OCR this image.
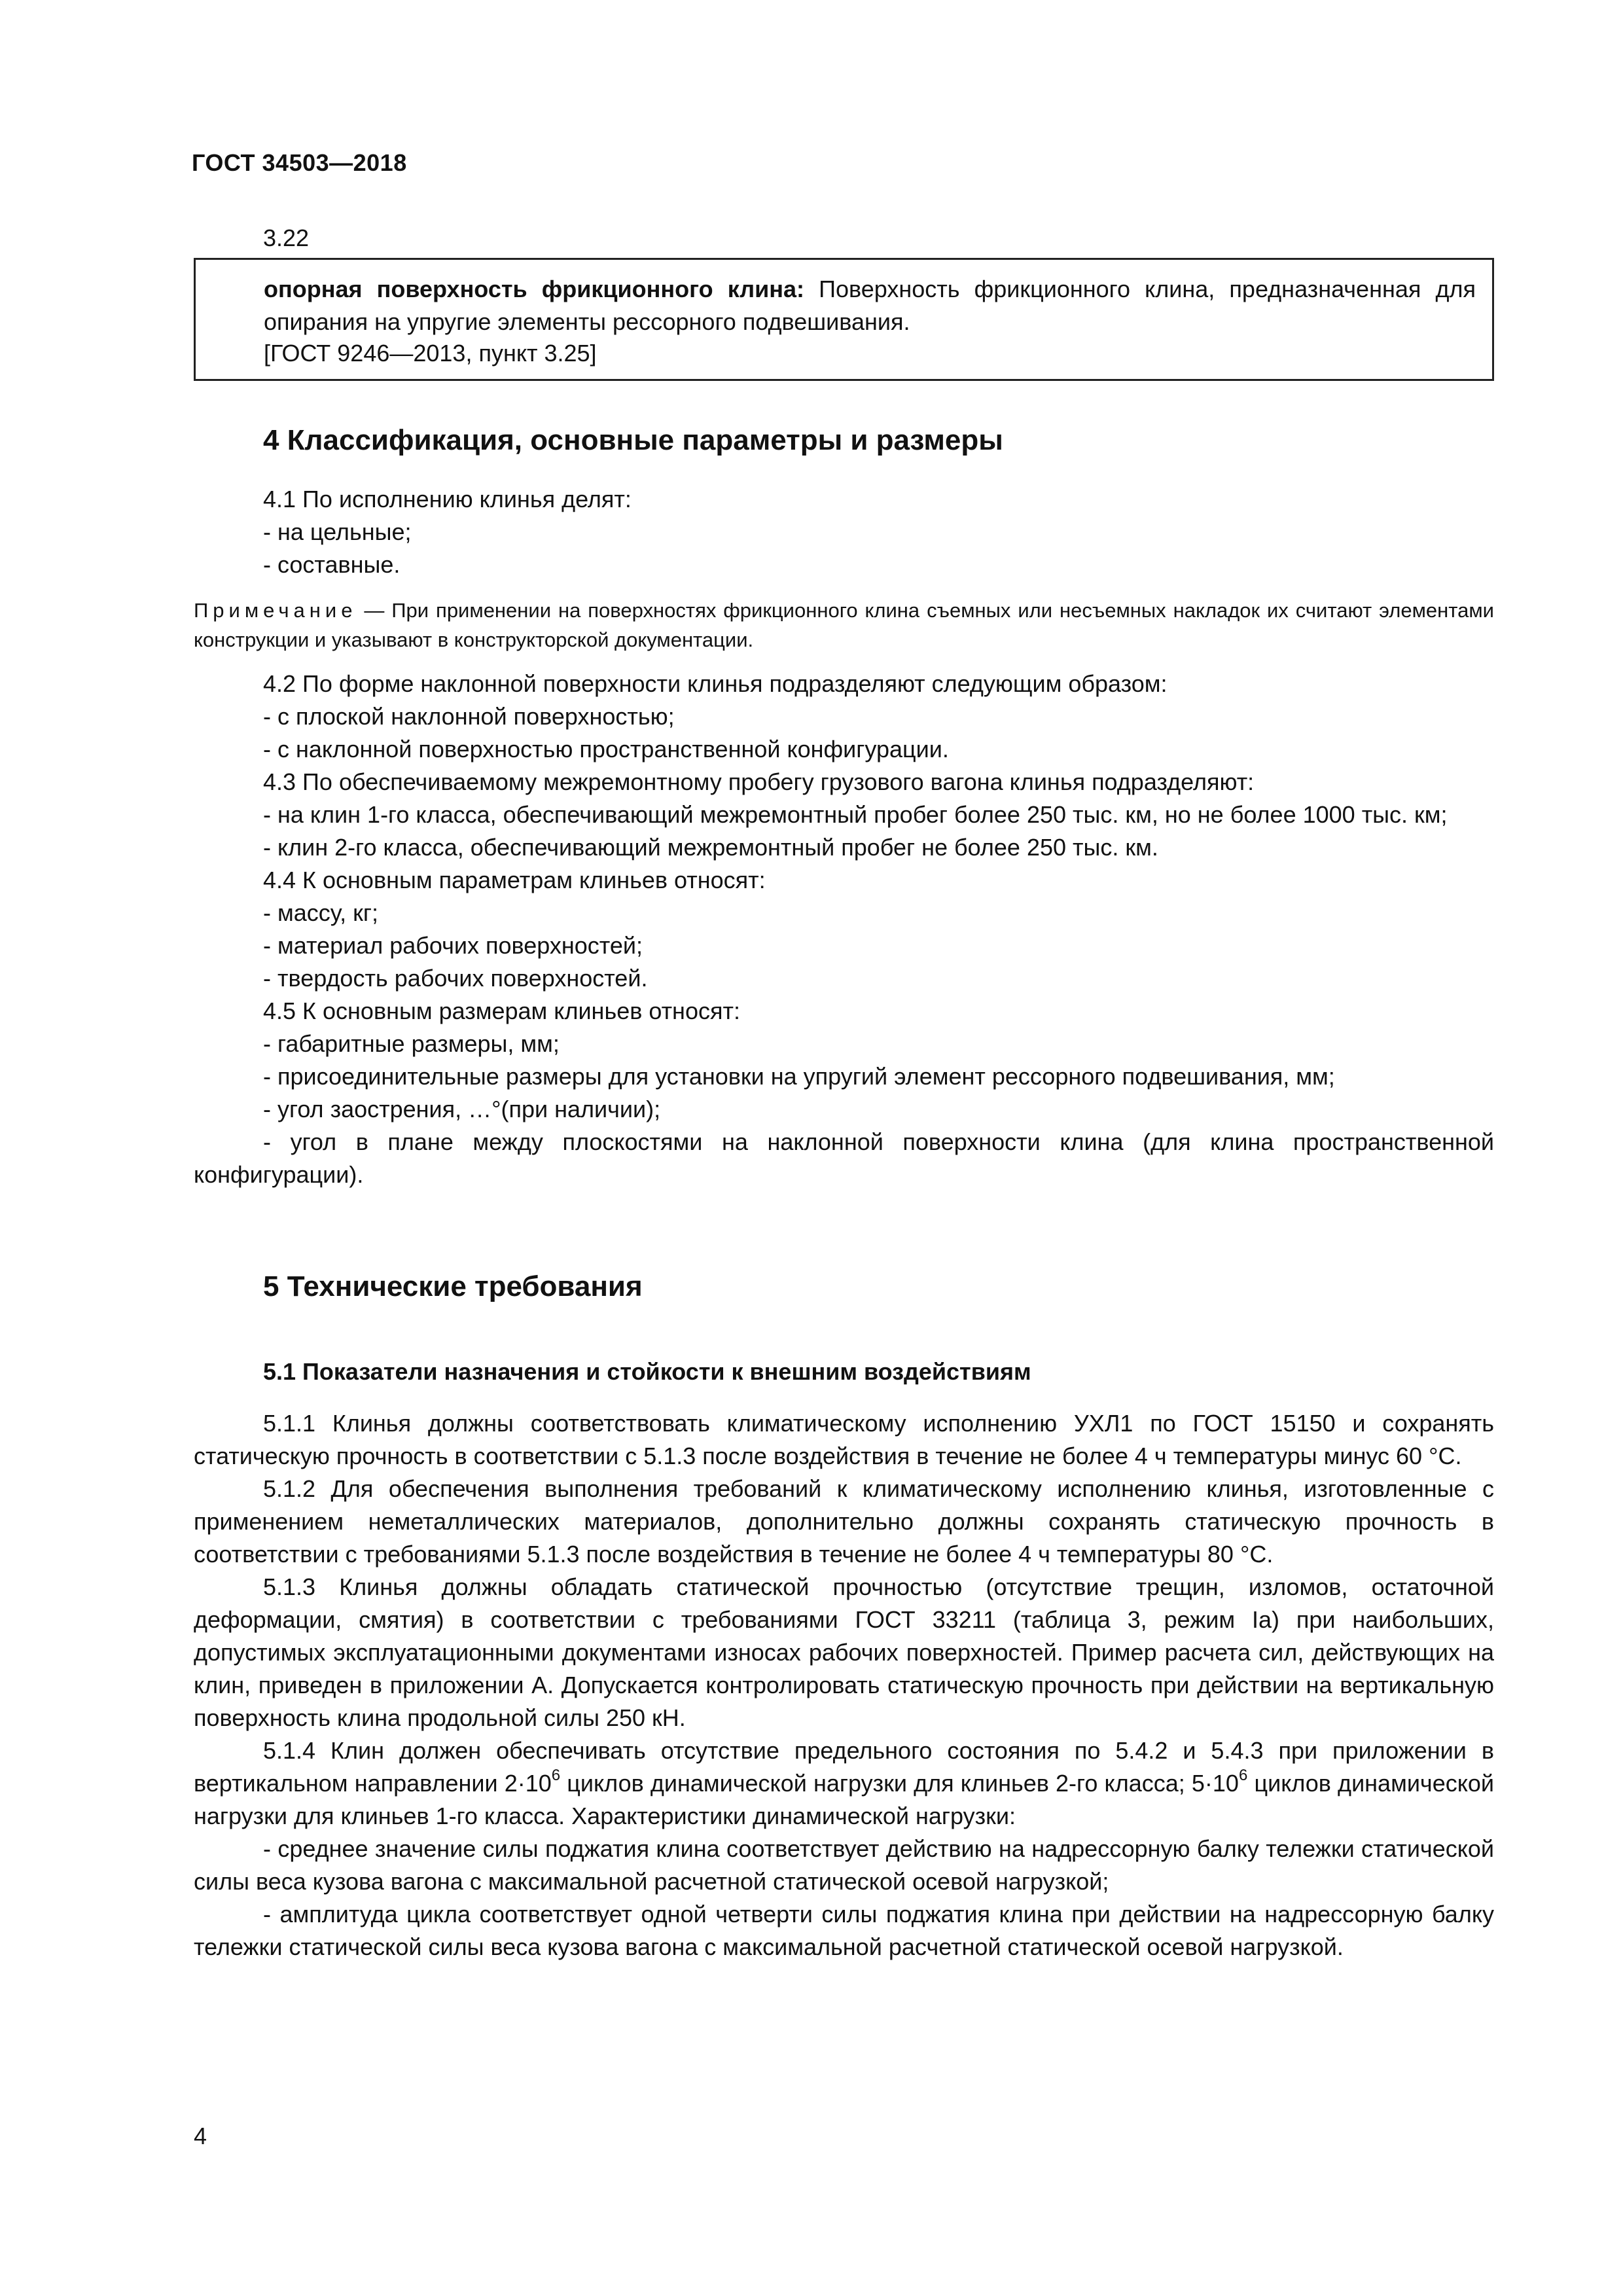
ГОСТ 34503—2018
3.22
опорная поверхность фрикционного клина: Поверхность фрикционного клина, предназначенная для опирания на упругие элементы рессорного подвешивания.
[ГОСТ 9246—2013, пункт 3.25]
4 Классификация, основные параметры и размеры

4.1 По исполнению клинья делят:

- на цельные;

- составные.

Примечание — При применении на поверхностях фрикционного клина съемных или несъемных накладок их считают элементами конструкции и указывают в конструкторской документации.

4.2 По форме наклонной поверхности клинья подразделяют следующим образом:

- с плоской наклонной поверхностью;

- с наклонной поверхностью пространственной конфигурации.

4.3 По обеспечиваемому межремонтному пробегу грузового вагона клинья подразделяют:

- на клин 1-го класса, обеспечивающий межремонтный пробег более 250 тыс. км, но не более 1000 тыс. км;

- клин 2-го класса, обеспечивающий межремонтный пробег не более 250 тыс. км.

4.4 К основным параметрам клиньев относят:

- массу, кг;

- материал рабочих поверхностей;

- твердость рабочих поверхностей.

4.5 К основным размерам клиньев относят:

- габаритные размеры, мм;

- присоединительные размеры для установки на упругий элемент рессорного подвешивания, мм;

- угол заострения, …°(при наличии);

- угол в плане между плоскостями на наклонной поверхности клина (для клина пространственной конфигурации).

5 Технические требования
5.1 Показатели назначения и стойкости к внешним воздействиям

5.1.1 Клинья должны соответствовать климатическому исполнению УХЛ1 по ГОСТ 15150 и сохранять статическую прочность в соответствии с 5.1.3 после воздействия в течение не более 4 ч температуры минус 60 °С.

5.1.2 Для обеспечения выполнения требований к климатическому исполнению клинья, изготовленные с применением неметаллических материалов, дополнительно должны сохранять статическую прочность в соответствии с требованиями 5.1.3 после воздействия в течение не более 4 ч температуры 80 °С.

5.1.3 Клинья должны обладать статической прочностью (отсутствие трещин, изломов, остаточной деформации, смятия) в соответствии с требованиями ГОСТ 33211 (таблица 3, режим Iа) при наибольших, допустимых эксплуатационными документами износах рабочих поверхностей. Пример расчета сил, действующих на клин, приведен в приложении А. Допускается контролировать статическую прочность при действии на вертикальную поверхность клина продольной силы 250 кН.

5.1.4 Клин должен обеспечивать отсутствие предельного состояния по 5.4.2 и 5.4.3 при приложении в вертикальном направлении $2\cdot 10^6$ циклов динамической нагрузки для клиньев 2-го класса; $5\cdot 10^6$ циклов динамической нагрузки для клиньев 1-го класса. Характеристики динамической нагрузки:

- среднее значение силы поджатия клина соответствует действию на надрессорную балку тележки статической силы веса кузова вагона с максимальной расчетной статической осевой нагрузкой;

- амплитуда цикла соответствует одной четверти силы поджатия клина при действии на надрессорную балку тележки статической силы веса кузова вагона с максимальной расчетной статической осевой нагрузкой.

4
